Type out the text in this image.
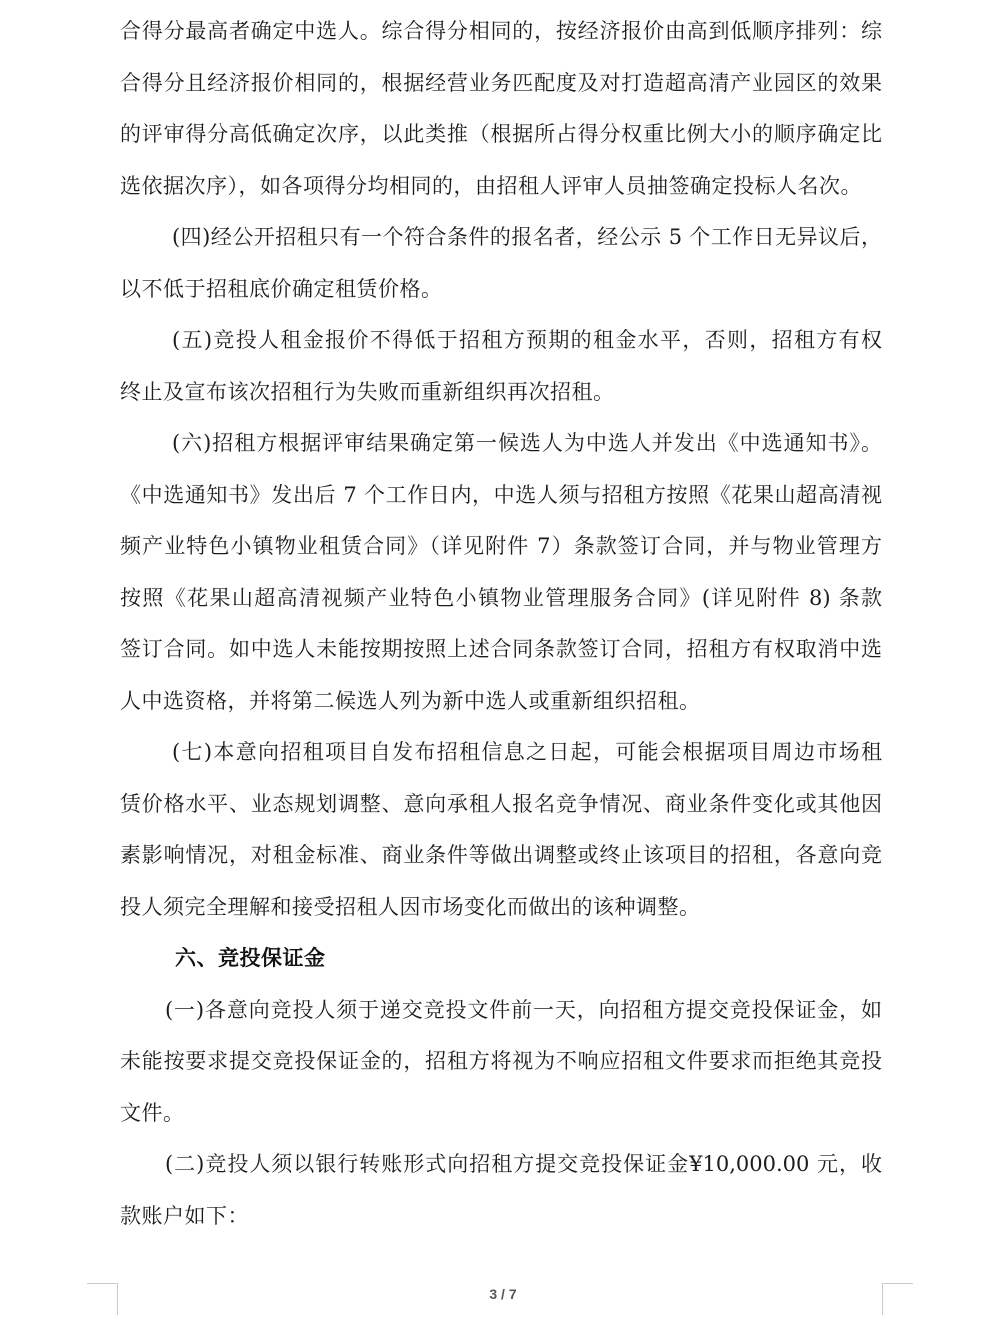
合得分最高者确定中选人。综合得分相同的，按经济报价由高到低顺序排列：综
合得分且经济报价相同的，根据经营业务匹配度及对打造超高清产业园区的效果
的评审得分高低确定次序，以此类推（根据所占得分权重比例大小的顺序确定比
选依据次序），如各项得分均相同的，由招租人评审人员抽签确定投标人名次。
(四)经公开招租只有一个符合条件的报名者，经公示 5 个工作日无异议后，
以不低于招租底价确定租赁价格。
(五)竞投人租金报价不得低于招租方预期的租金水平，否则，招租方有权
终止及宣布该次招租行为失败而重新组织再次招租。
(六)招租方根据评审结果确定第一候选人为中选人并发出《中选通知书》。
《中选通知书》发出后 7 个工作日内，中选人须与招租方按照《花果山超高清视
频产业特色小镇物业租赁合同》（详见附件 7）条款签订合同，并与物业管理方
按照《花果山超高清视频产业特色小镇物业管理服务合同》(详见附件 8) 条款
签订合同。如中选人未能按期按照上述合同条款签订合同，招租方有权取消中选
人中选资格，并将第二候选人列为新中选人或重新组织招租。
(七)本意向招租项目自发布招租信息之日起，可能会根据项目周边市场租
赁价格水平、业态规划调整、意向承租人报名竞争情况、商业条件变化或其他因
素影响情况，对租金标准、商业条件等做出调整或终止该项目的招租，各意向竞
投人须完全理解和接受招租人因市场变化而做出的该种调整。
六、竞投保证金
(一)各意向竞投人须于递交竞投文件前一天，向招租方提交竞投保证金，如
未能按要求提交竞投保证金的，招租方将视为不响应招租文件要求而拒绝其竞投
文件。
(二)竞投人须以银行转账形式向招租方提交竞投保证金¥10,000.00 元，收
款账户如下：
3 / 7
